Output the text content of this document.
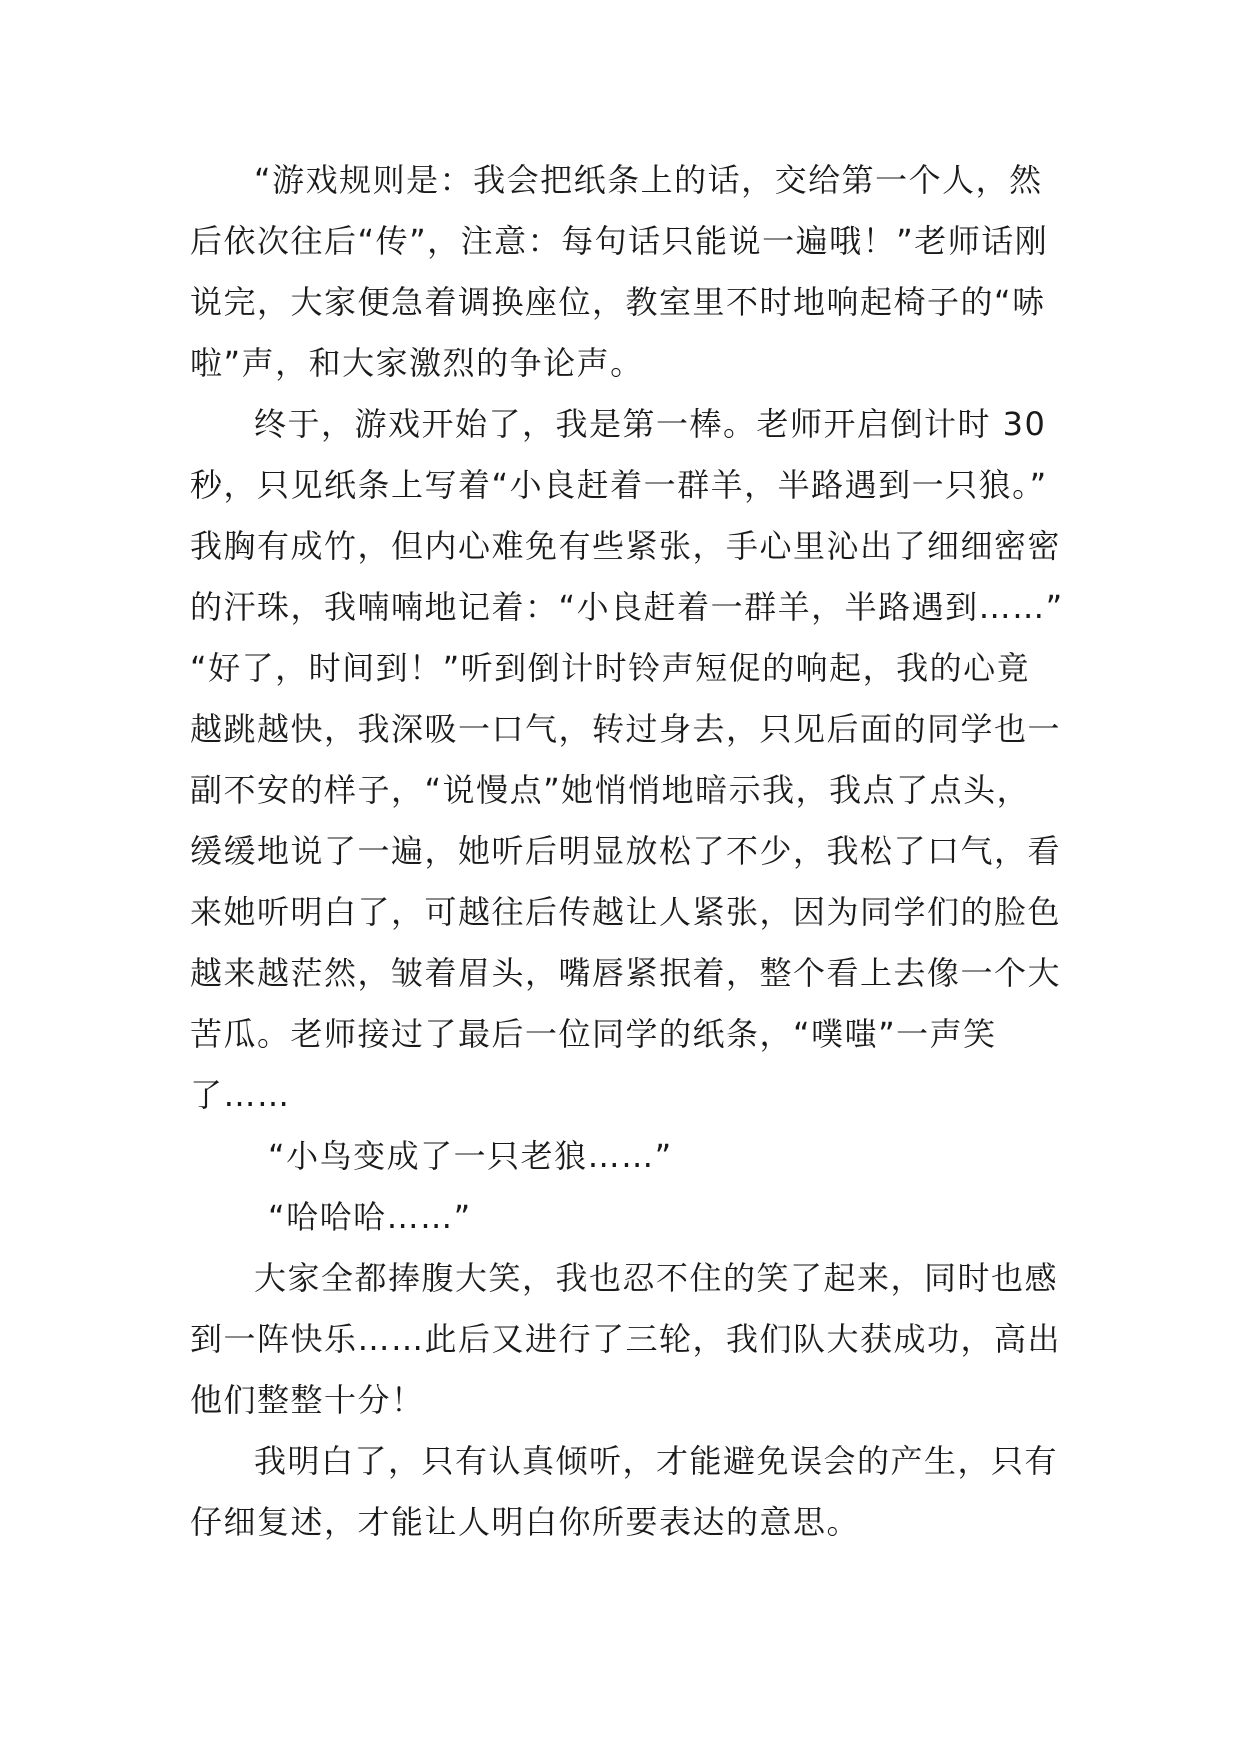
“游戏规则是：我会把纸条上的话，交给第一个人，然
后依次往后“传”，注意：每句话只能说一遍哦！”老师话刚
说完，大家便急着调换座位，教室里不时地响起椅子的“哧
啦”声，和大家激烈的争论声。
终于，游戏开始了，我是第一棒。老师开启倒计时 30
秒，只见纸条上写着“小良赶着一群羊，半路遇到一只狼。”
我胸有成竹，但内心难免有些紧张，手心里沁出了细细密密
的汗珠，我喃喃地记着：“小良赶着一群羊，半路遇到……”
“好了，时间到！”听到倒计时铃声短促的响起，我的心竟
越跳越快，我深吸一口气，转过身去，只见后面的同学也一
副不安的样子，“说慢点”她悄悄地暗示我，我点了点头，
缓缓地说了一遍，她听后明显放松了不少，我松了口气，看
来她听明白了，可越往后传越让人紧张，因为同学们的脸色
越来越茫然，皱着眉头，嘴唇紧抿着，整个看上去像一个大
苦瓜。老师接过了最后一位同学的纸条，“噗嗤”一声笑
了……
“小鸟变成了一只老狼……”
“哈哈哈……”
大家全都捧腹大笑，我也忍不住的笑了起来，同时也感
到一阵快乐……此后又进行了三轮，我们队大获成功，高出
他们整整十分！
我明白了，只有认真倾听，才能避免误会的产生，只有
仔细复述，才能让人明白你所要表达的意思。
